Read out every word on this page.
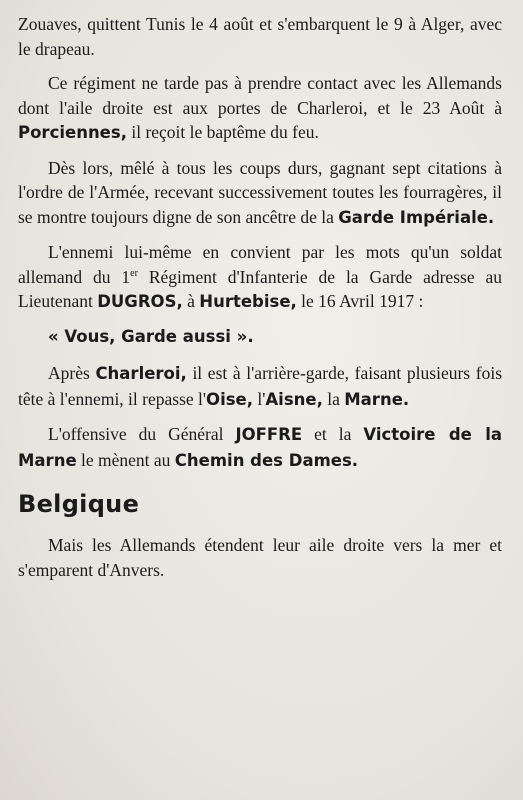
Zouaves, quittent Tunis le 4 août et s'embarquent le 9 à Alger, avec le drapeau.

Ce régiment ne tarde pas à prendre contact avec les Allemands dont l'aile droite est aux portes de Charleroi, et le 23 Août à Porciennes, il reçoit le baptême du feu.

Dès lors, mêlé à tous les coups durs, gagnant sept citations à l'ordre de l'Armée, recevant successivement toutes les fourragères, il se montre toujours digne de son ancêtre de la Garde Impériale.

L'ennemi lui-même en convient par les mots qu'un soldat allemand du 1er Régiment d'Infanterie de la Garde adresse au Lieutenant DUGROS, à Hurtebise, le 16 Avril 1917 :

« Vous, Garde aussi ».

Après Charleroi, il est à l'arrière-garde, faisant plusieurs fois tête à l'ennemi, il repasse l'Oise, l'Aisne, la Marne.

L'offensive du Général JOFFRE et la Victoire de la Marne le mènent au Chemin des Dames.

Belgique

Mais les Allemands étendent leur aile droite vers la mer et s'emparent d'Anvers.
